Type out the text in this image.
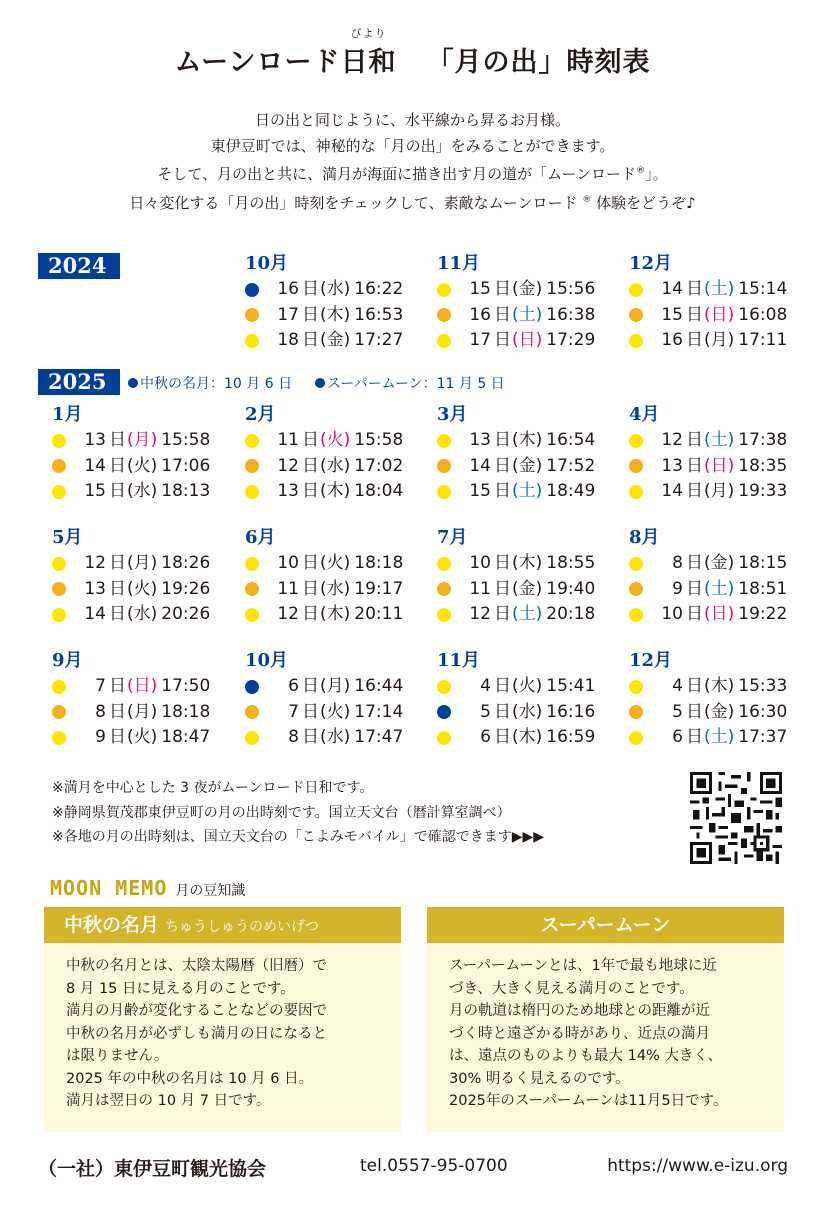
ムーンロード
びより
日和 「月の出」時刻表
日の出と同じように、水平線から昇るお月様。
東伊豆町では、神秘的な「月の出」をみることができます。
そして、月の出と共に、満月が海面に描き出す月の道が「ムーンロード®」。
日々変化する「月の出」時刻をチェックして、素敵なムーンロード ® 体験をどうぞ♪
2024
2025	中秋の名月：10 月 6 日 スーパームーン：11 月 5 日
10月
16 日 (水) 16:22
17 日 (木) 16:53
18 日 (金) 17:27
11月
15 日 (金) 15:56
16 日 (土) 16:38
17 日 (日) 17:29
12月
14 日 (土) 15:14
15 日 (日) 16:08
16 日 (月) 17:11
1月
13 日 (月) 15:58
14 日 (火) 17:06
15 日 (水) 18:13
2月
11 日 (火) 15:58
12 日 (水) 17:02
13 日 (木) 18:04
3月
13 日 (木) 16:54
14 日 (金) 17:52
15 日 (土) 18:49
4月
12 日 (土) 17:38
13 日 (日) 18:35
14 日 (月) 19:33
5月
12 日 (月) 18:26
13 日 (火) 19:26
14 日 (水) 20:26
6月
10 日 (火) 18:18
11 日 (水) 19:17
12 日 (木) 20:11
7月
10 日 (木) 18:55
11 日 (金) 19:40
12 日 (土) 20:18
8月
8 日 (金) 18:15
9 日 (土) 18:51
10 日 (日) 19:22
9月
7 日 (日) 17:50
8 日 (月) 18:18
9 日 (火) 18:47
10月
6 日 (月) 16:44
7 日 (火) 17:14
8 日 (水) 17:47
11月
4 日 (火) 15:41
5 日 (水) 16:16
6 日 (木) 16:59
12月
4 日 (木) 15:33
5 日 (金) 16:30
6 日 (土) 17:37
※満月を中心とした 3 夜がムーンロード日和です。
※静岡県賀茂郡東伊豆町の月の出時刻です。国立天文台（暦計算室調べ）
※各地の月の出時刻は、国立天文台の「こよみモバイル」で確認できます▶▶▶
MOON MEMO 月の豆知識
中秋の名月 ちゅうしゅうのめいげつ
中秋の名月とは、太陰太陽暦（旧暦）で
8 月 15 日に見える月のことです。
満月の月齢が変化することなどの要因で
中秋の名月が必ずしも満月の日になると
は限りません。
2025 年の中秋の名月は 10 月 6 日。
満月は翌日の 10 月 7 日です。
スーパームーン
スーパームーンとは、1年で最も地球に近
づき、大きく見える満月のことです。
月の軌道は楕円のため地球との距離が近
づく時と遠ざかる時があり、近点の満月
は、遠点のものよりも最大 14% 大きく、
30% 明るく見えるのです。
2025年のスーパームーンは11月5日です。
（一社）東伊豆町観光協会	tel.0557-95-0700	https://www.e-izu.org
